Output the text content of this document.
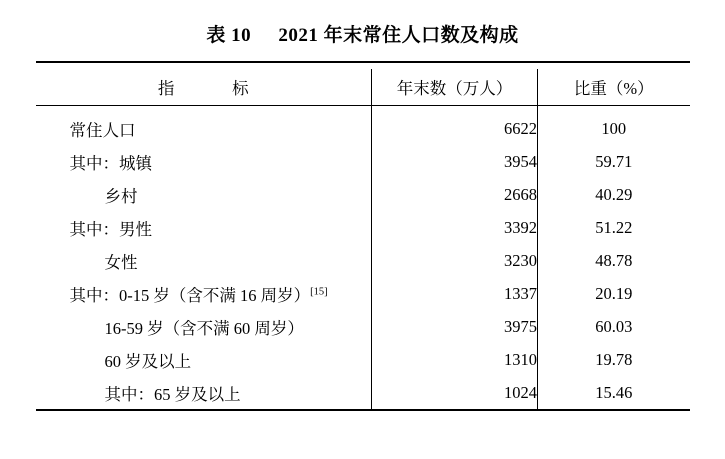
表 10 2021 年末常住人口数及构成

指　　标	年末数（万人）	比重（%）

常住人口	6622	100
其中：城镇	3954	59.71
乡村	2668	40.29
其中：男性	3392	51.22
女性	3230	48.78
其中：0-15 岁（含不满 16 周岁）[15]	1337	20.19
16-59 岁（含不满 60 周岁）	3975	60.03
60 岁及以上	1310	19.78
其中：65 岁及以上	1024	15.46
